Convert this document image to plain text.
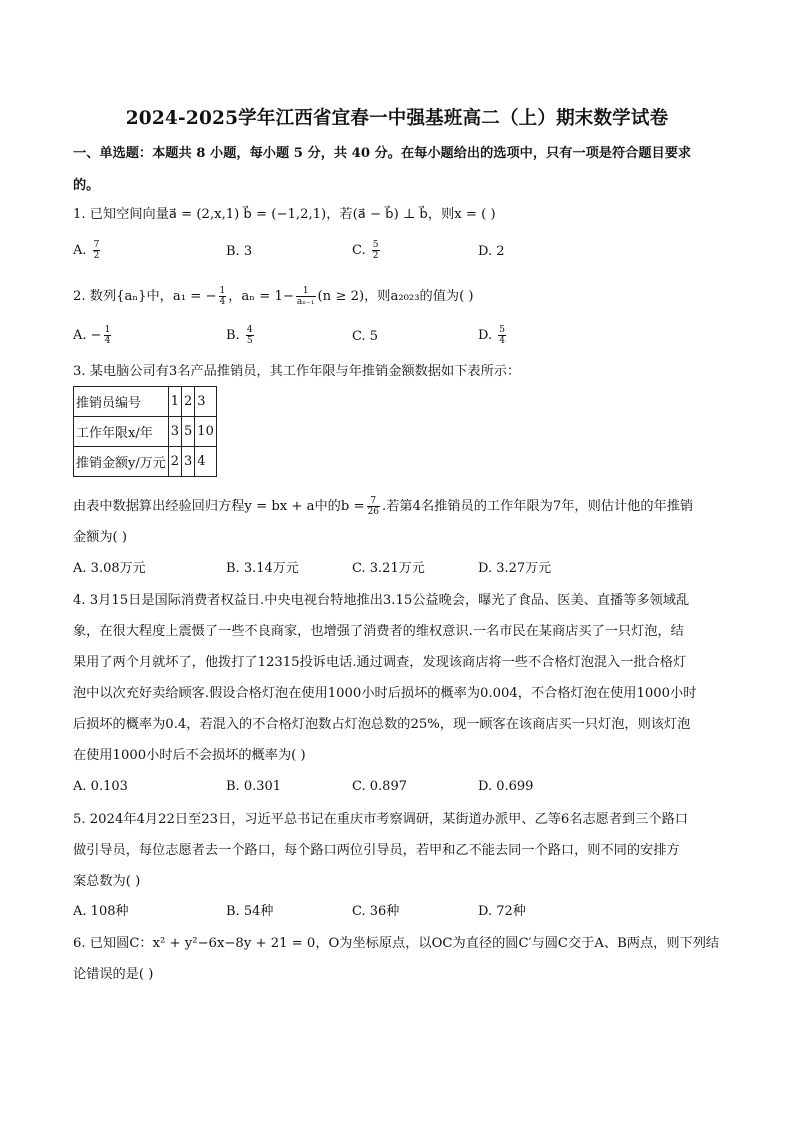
2024-2025学年江西省宜春一中强基班高二（上）期末数学试卷
一、单选题：本题共 8 小题，每小题 5 分，共 40 分。在每小题给出的选项中，只有一项是符合题目要求
的。
1. 已知空间向量a⃗ = (2,x,1) b⃗ = (−1,2,1)，若(a⃗ − b⃗) ⊥ b⃗，则x = ( )
A. $\frac{7}{2}$	B. 3	C. $\frac{5}{2}$	D. 2
2. 数列{aₙ}中，a₁ = − $\frac{1}{4}$ ，$a_n = 1- \frac{1}{\text{aₙ₋₁}} (n \ge 2)$，则a₂₀₂₃的值为( )
A. − $\frac{1}{4}$	B. $\frac{4}{5}$	C. 5	D. $\frac{5}{4}$
3. 某电脑公司有3名产品推销员，其工作年限与年推销金额数据如下表所示：
推销员编号	1	2	3
工作年限x/年	3	5	10
推销金额y/万元	2	3	4
由表中数据算出经验回归方程y = bx + a中的$b = \frac{7}{26}$ .若第4名推销员的工作年限为7年，则估计他的年推销
金额为( )
A. 3.08万元	B. 3.14万元	C. 3.21万元	D. 3.27万元
4. 3月15日是国际消费者权益日.中央电视台特地推出3.15公益晚会，曝光了食品、医美、直播等多领域乱
象，在很大程度上震慑了一些不良商家，也增强了消费者的维权意识.一名市民在某商店买了一只灯泡，结
果用了两个月就坏了，他拨打了12315投诉电话.通过调查，发现该商店将一些不合格灯泡混入一批合格灯
泡中以次充好卖给顾客.假设合格灯泡在使用1000小时后损坏的概率为0.004，不合格灯泡在使用1000小时
后损坏的概率为0.4，若混入的不合格灯泡数占灯泡总数的25%，现一顾客在该商店买一只灯泡，则该灯泡
在使用1000小时后不会损坏的概率为( )
A. 0.103	B. 0.301	C. 0.897	D. 0.699
5. 2024年4月22日至23日，习近平总书记在重庆市考察调研，某街道办派甲、乙等6名志愿者到三个路口
做引导员，每位志愿者去一个路口，每个路口两位引导员，若甲和乙不能去同一个路口，则不同的安排方
案总数为( )
A. 108种	B. 54种	C. 36种	D. 72种
6. 已知圆C：x² + y²−6x−8y + 21 = 0，O为坐标原点，以OC为直径的圆C′与圆C交于A、B两点，则下列结
论错误的是( )
